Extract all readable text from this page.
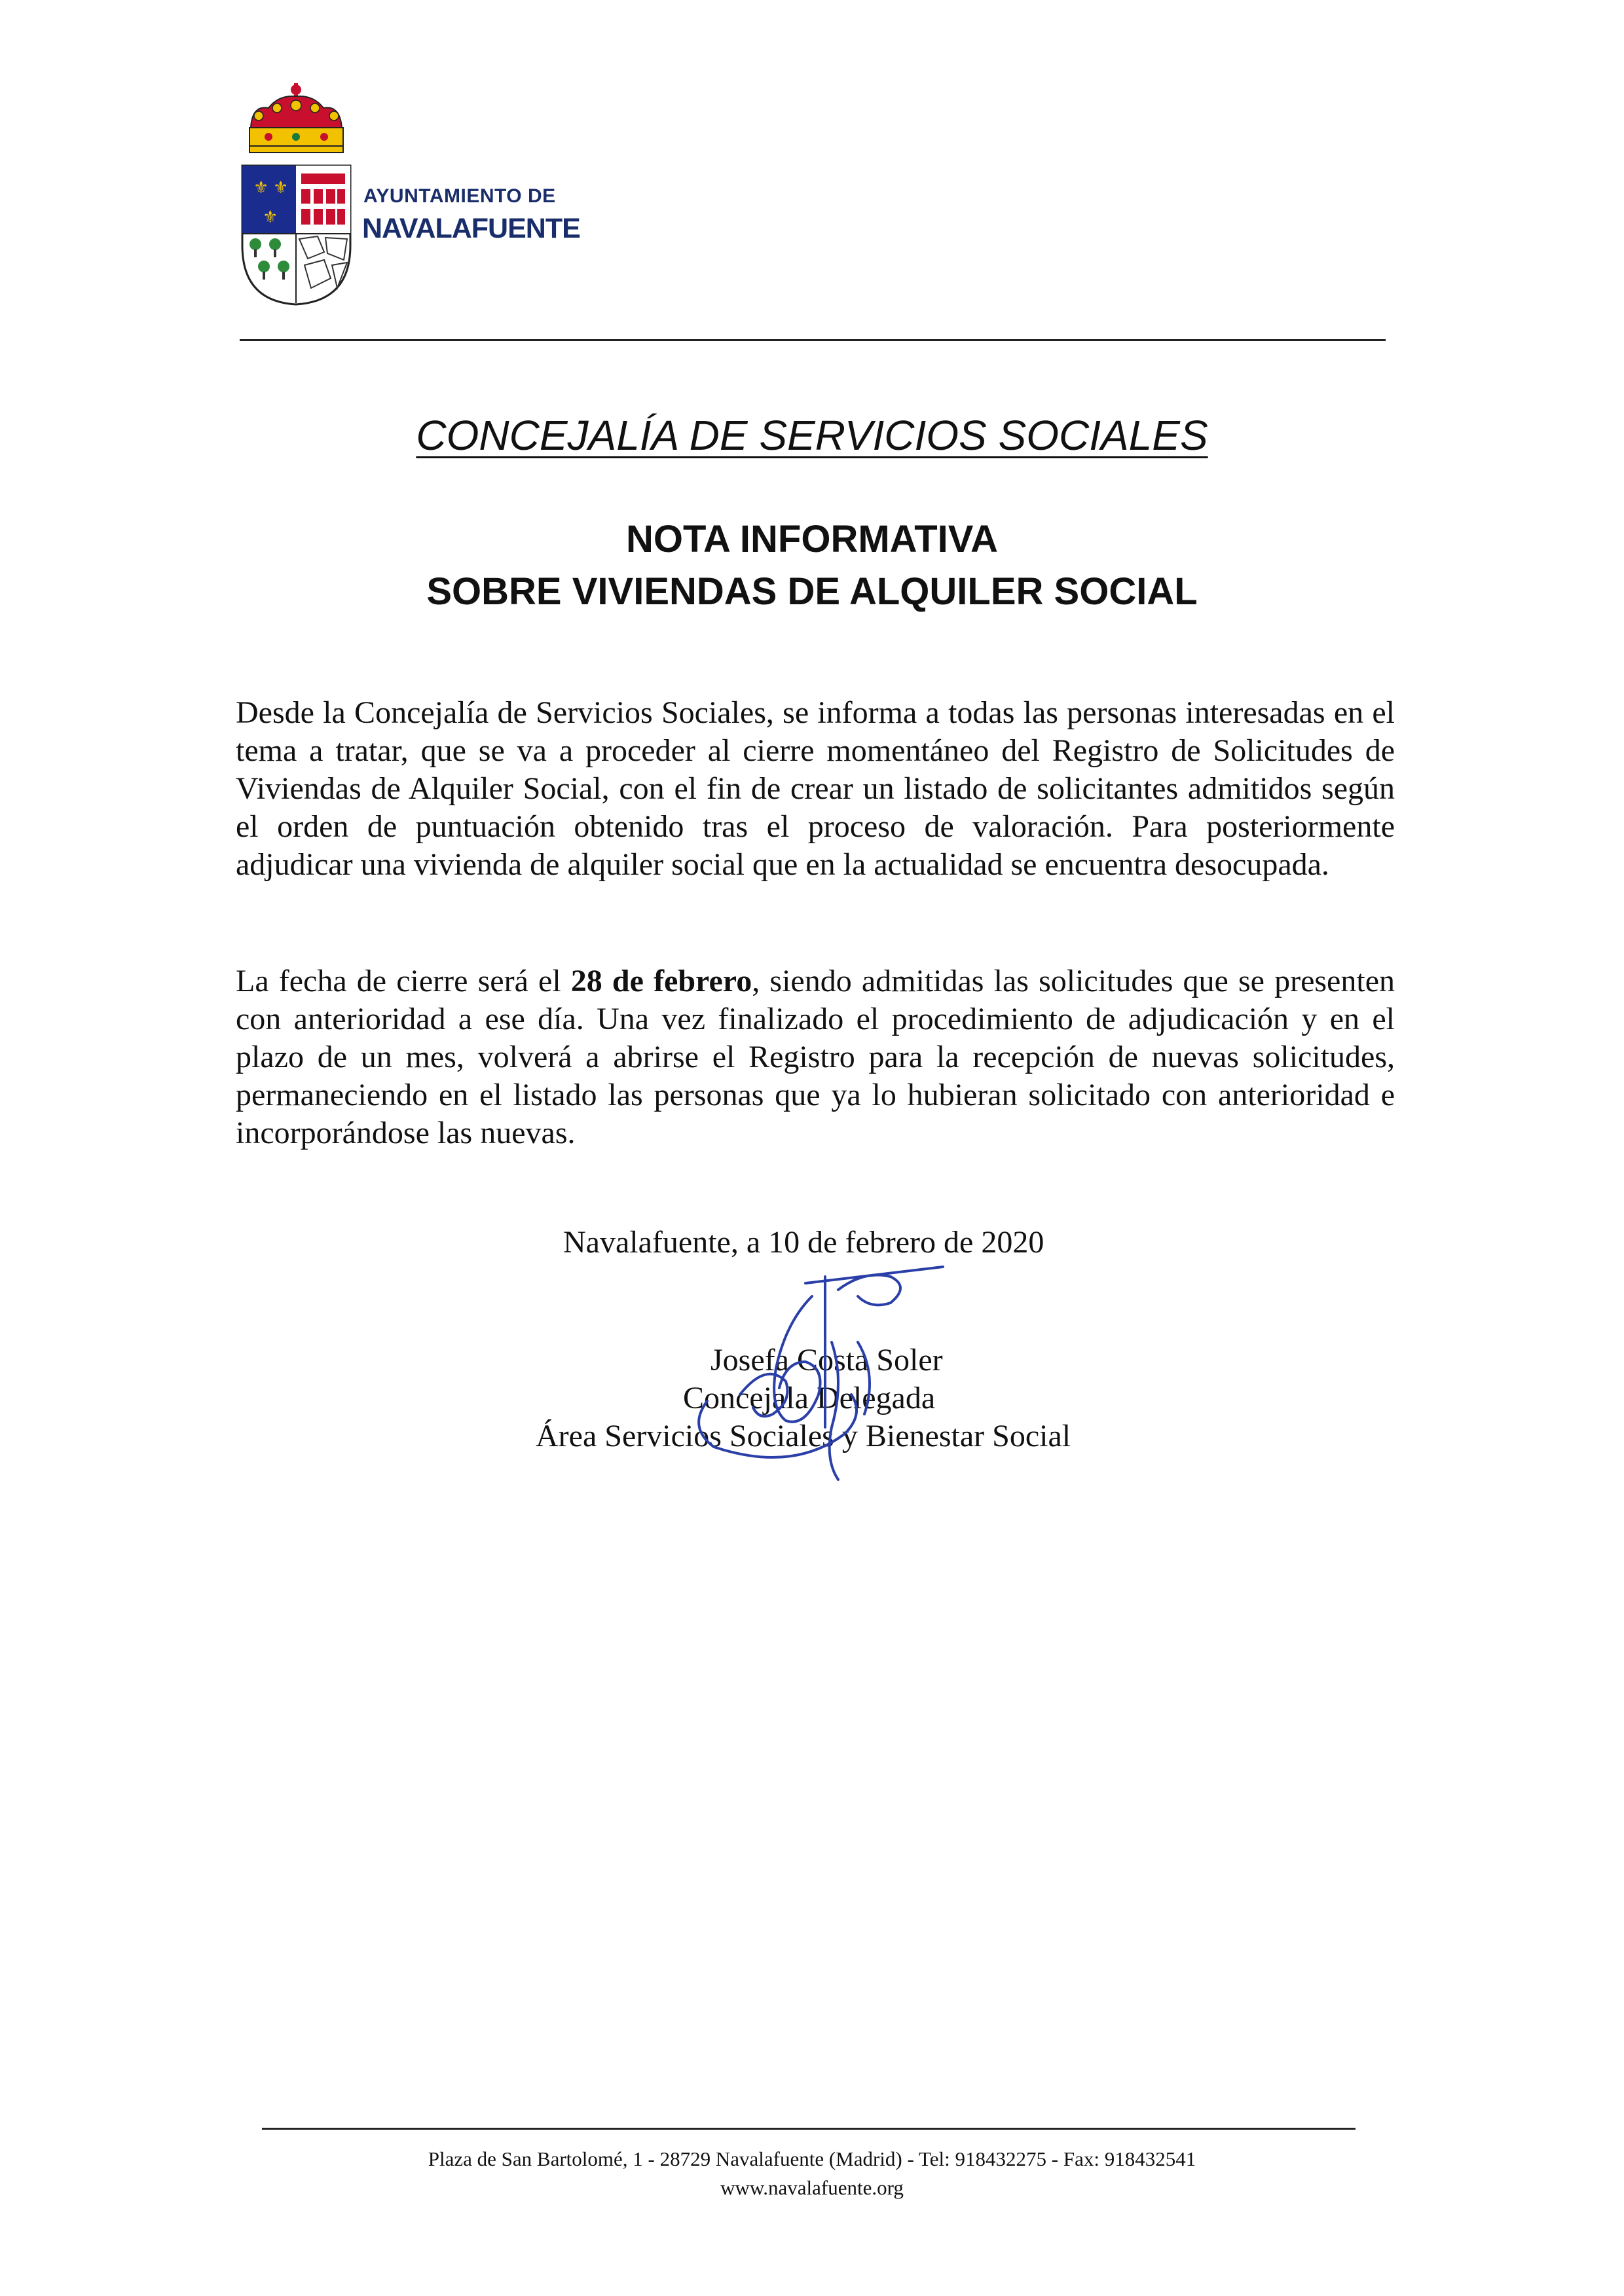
⚜ ⚜
⚜
AYUNTAMIENTO DE
NAVALAFUENTE
CONCEJALÍA DE SERVICIOS SOCIALES
NOTA INFORMATIVA
SOBRE VIVIENDAS DE ALQUILER SOCIAL
Desde la Concejalía de Servicios Sociales, se informa a todas las personas interesadas en el tema a tratar, que se va a proceder al cierre momentáneo del Registro de Solicitudes de Viviendas de Alquiler Social, con el fin de crear un listado de solicitantes admitidos según el orden de puntuación obtenido tras el proceso de valoración. Para posteriormente adjudicar una vivienda de alquiler social que en la actualidad se encuentra desocupada.
La fecha de cierre será el 28 de febrero, siendo admitidas las solicitudes que se presenten con anterioridad a ese día. Una vez finalizado el procedimiento de adjudicación y en el plazo de un mes, volverá a abrirse el Registro para la recepción de nuevas solicitudes, permaneciendo en el listado las personas que ya lo hubieran solicitado con anterioridad e incorporándose las nuevas.
Navalafuente, a 10 de febrero de 2020
Josefa Costa Soler
Concejala Delegada
Área Servicios Sociales y Bienestar Social
Plaza de San Bartolomé, 1 - 28729 Navalafuente (Madrid) - Tel: 918432275 - Fax: 918432541
www.navalafuente.org
